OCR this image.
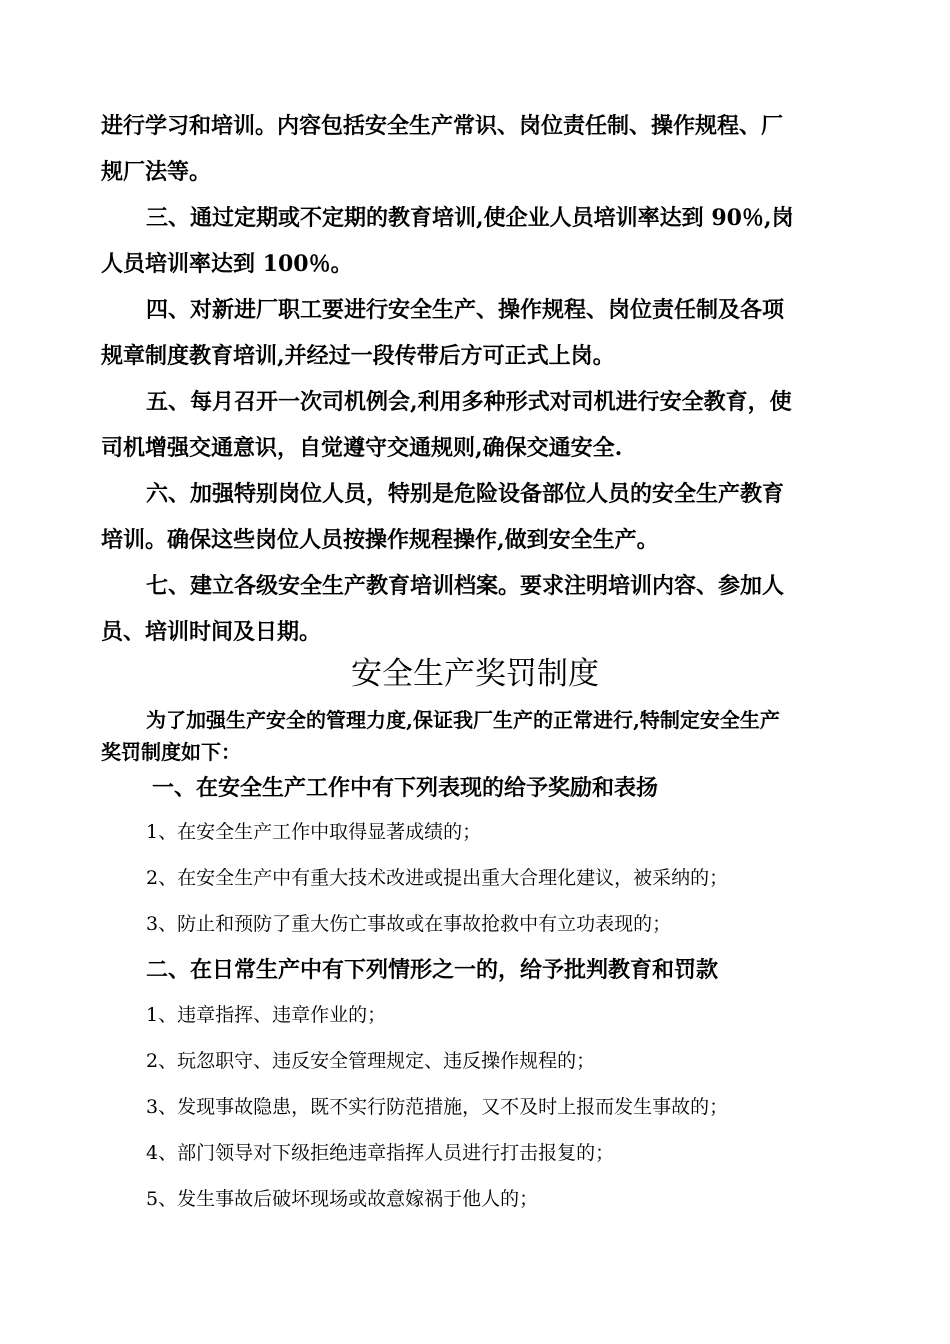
进行学习和培训。内容包括安全生产常识、岗位责任制、操作规程、厂
规厂法等。
三、通过定期或不定期的教育培训,使企业人员培训率达到 90％,岗
人员培训率达到 100％。
四、对新进厂职工要进行安全生产、操作规程、岗位责任制及各项
规章制度教育培训,并经过一段传带后方可正式上岗。
五、每月召开一次司机例会,利用多种形式对司机进行安全教育，使
司机增强交通意识，自觉遵守交通规则,确保交通安全.
六、加强特别岗位人员，特别是危险设备部位人员的安全生产教育
培训。确保这些岗位人员按操作规程操作,做到安全生产。
七、建立各级安全生产教育培训档案。要求注明培训内容、参加人
员、培训时间及日期。
安全生产奖罚制度
为了加强生产安全的管理力度,保证我厂生产的正常进行,特制定安全生产
奖罚制度如下：
一、在安全生产工作中有下列表现的给予奖励和表扬
1、在安全生产工作中取得显著成绩的；
2、在安全生产中有重大技术改进或提出重大合理化建议，被采纳的；
3、防止和预防了重大伤亡事故或在事故抢救中有立功表现的；
二、在日常生产中有下列情形之一的，给予批判教育和罚款
1、违章指挥、违章作业的；
2、玩忽职守、违反安全管理规定、违反操作规程的；
3、发现事故隐患，既不实行防范措施，又不及时上报而发生事故的；
4、部门领导对下级拒绝违章指挥人员进行打击报复的；
5、发生事故后破坏现场或故意嫁祸于他人的；
